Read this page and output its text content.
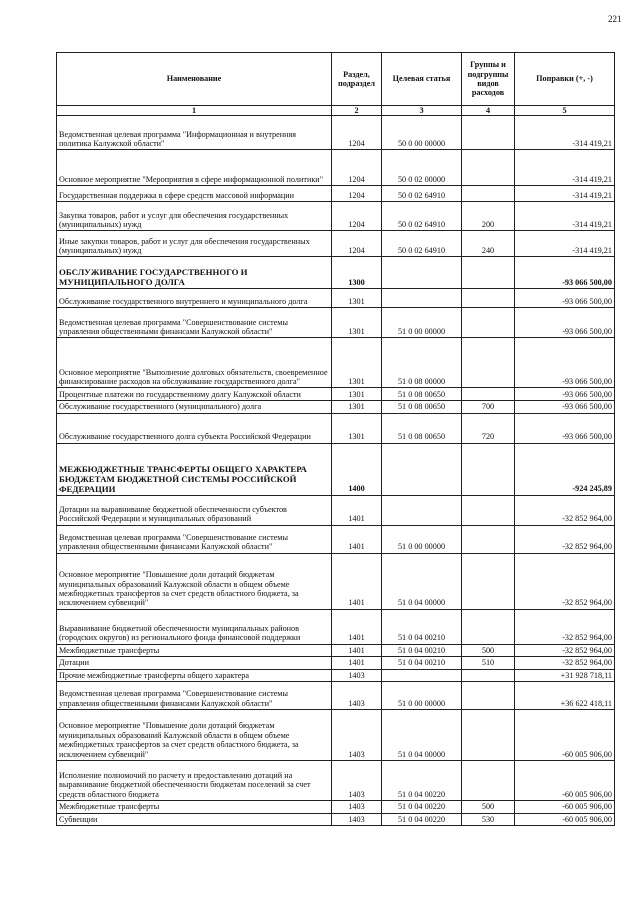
221
Наименование	Раздел, подраздел	Целевая статья	Группы и подгруппы видов расходов	Поправки (+, -)
1	2	3	4	5
Ведомственная целевая программа "Информационная и внутренняя политика Калужской области"	1204	50 0 00 00000		-314 419,21
Основное мероприятие "Мероприятия в сфере информационной политики"	1204	50 0 02 00000		-314 419,21
Государственная поддержка в сфере средств массовой информации	1204	50 0 02 64910		-314 419,21
Закупка товаров, работ и услуг для обеспечения государственных (муниципальных) нужд	1204	50 0 02 64910	200	-314 419,21
Иные закупки товаров, работ и услуг для обеспечения государственных (муниципальных) нужд	1204	50 0 02 64910	240	-314 419,21
ОБСЛУЖИВАНИЕ ГОСУДАРСТВЕННОГО И МУНИЦИПАЛЬНОГО ДОЛГА	1300			-93 066 500,00
Обслуживание государственного внутреннего и муниципального долга	1301			-93 066 500,00
Ведомственная целевая программа "Совершенствование системы управления общественными финансами Калужской области"	1301	51 0 00 00000		-93 066 500,00
Основное мероприятие "Выполнение долговых обязательств, своевременное финансирование расходов на обслуживание государственного долга"	1301	51 0 08 00000		-93 066 500,00
Процентные платежи по государственному долгу Калужской области	1301	51 0 08 00650		-93 066 500,00
Обслуживание государственного (муниципального) долга	1301	51 0 08 00650	700	-93 066 500,00
Обслуживание государственного долга субъекта Российской Федерации	1301	51 0 08 00650	720	-93 066 500,00
МЕЖБЮДЖЕТНЫЕ ТРАНСФЕРТЫ ОБЩЕГО ХАРАКТЕРА БЮДЖЕТАМ БЮДЖЕТНОЙ СИСТЕМЫ РОССИЙСКОЙ ФЕДЕРАЦИИ	1400			-924 245,89
Дотации на выравнивание бюджетной обеспеченности субъектов Российской Федерации и муниципальных образований	1401			-32 852 964,00
Ведомственная целевая программа "Совершенствование системы управления общественными финансами Калужской области"	1401	51 0 00 00000		-32 852 964,00
Основное мероприятие "Повышение доли дотаций бюджетам муниципальных образований Калужской области в общем объеме межбюджетных трансфертов за счет средств областного бюджета, за исключением субвенций"	1401	51 0 04 00000		-32 852 964,00
Выравнивание бюджетной обеспеченности муниципальных районов (городских округов) из регионального фонда финансовой поддержки	1401	51 0 04 00210		-32 852 964,00
Межбюджетные трансферты	1401	51 0 04 00210	500	-32 852 964,00
Дотации	1401	51 0 04 00210	510	-32 852 964,00
Прочие межбюджетные трансферты общего характера	1403			+31 928 718,11
Ведомственная целевая программа "Совершенствование системы управления общественными финансами Калужской области"	1403	51 0 00 00000		+36 622 418,11
Основное мероприятие "Повышение доли дотаций бюджетам муниципальных образований Калужской области в общем объеме межбюджетных трансфертов за счет средств областного бюджета, за исключением субвенций"	1403	51 0 04 00000		-60 005 906,00
Исполнение полномочий по расчету и предоставлению дотаций на выравнивание бюджетной обеспеченности бюджетам поселений за счет средств областного бюджета	1403	51 0 04 00220		-60 005 906,00
Межбюджетные трансферты	1403	51 0 04 00220	500	-60 005 906,00
Субвенции	1403	51 0 04 00220	530	-60 005 906,00
